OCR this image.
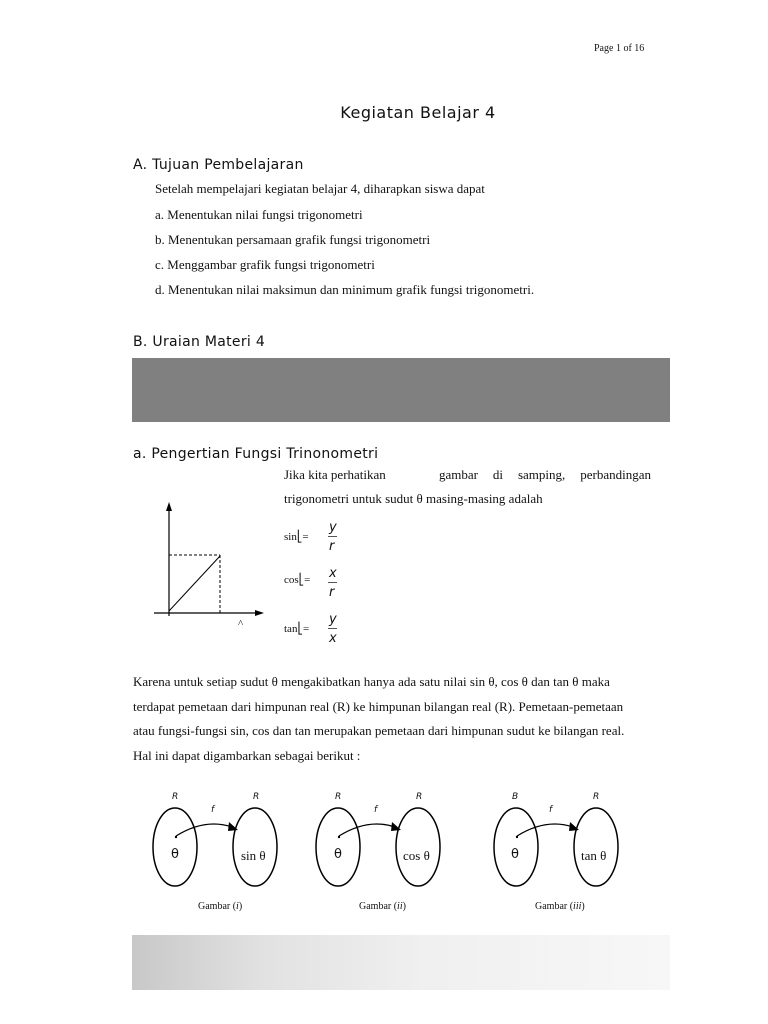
Page 1 of 16
Kegiatan Belajar 4
A. Tujuan Pembelajaran
Setelah mempelajari kegiatan belajar 4, diharapkan siswa dapat
a. Menentukan nilai fungsi trigonometri
b. Menentukan persamaan grafik fungsi trigonometri
c. Menggambar grafik fungsi trigonometri
d. Menentukan nilai maksimun dan minimum grafik fungsi trigonometri.
B. Uraian Materi 4
a. Pengertian Fungsi Trinonometri
Jika kita perhatikan	gambar di samping, perbandingan
trigonometri untuk sudut θ masing-masing adalah
^
sin⎣=
y
r
cos⎣= x
r
tan⎣=
y
x
Karena untuk setiap sudut θ mengakibatkan hanya ada satu nilai sin θ, cos θ dan tan θ maka
terdapat pemetaan dari himpunan real (R) ke himpunan bilangan real (R). Pemetaan-pemetaan
atau fungsi-fungsi sin, cos dan tan merupakan pemetaan dari himpunan sudut ke bilangan real.
Hal ini dapat digambarkan sebagai berikut :
R	R
f
θ	sin θ
Gambar (i)
R	R
f
θ	cos θ
Gambar (ii)
B	R
f
θ	tan θ
Gambar (iii)
